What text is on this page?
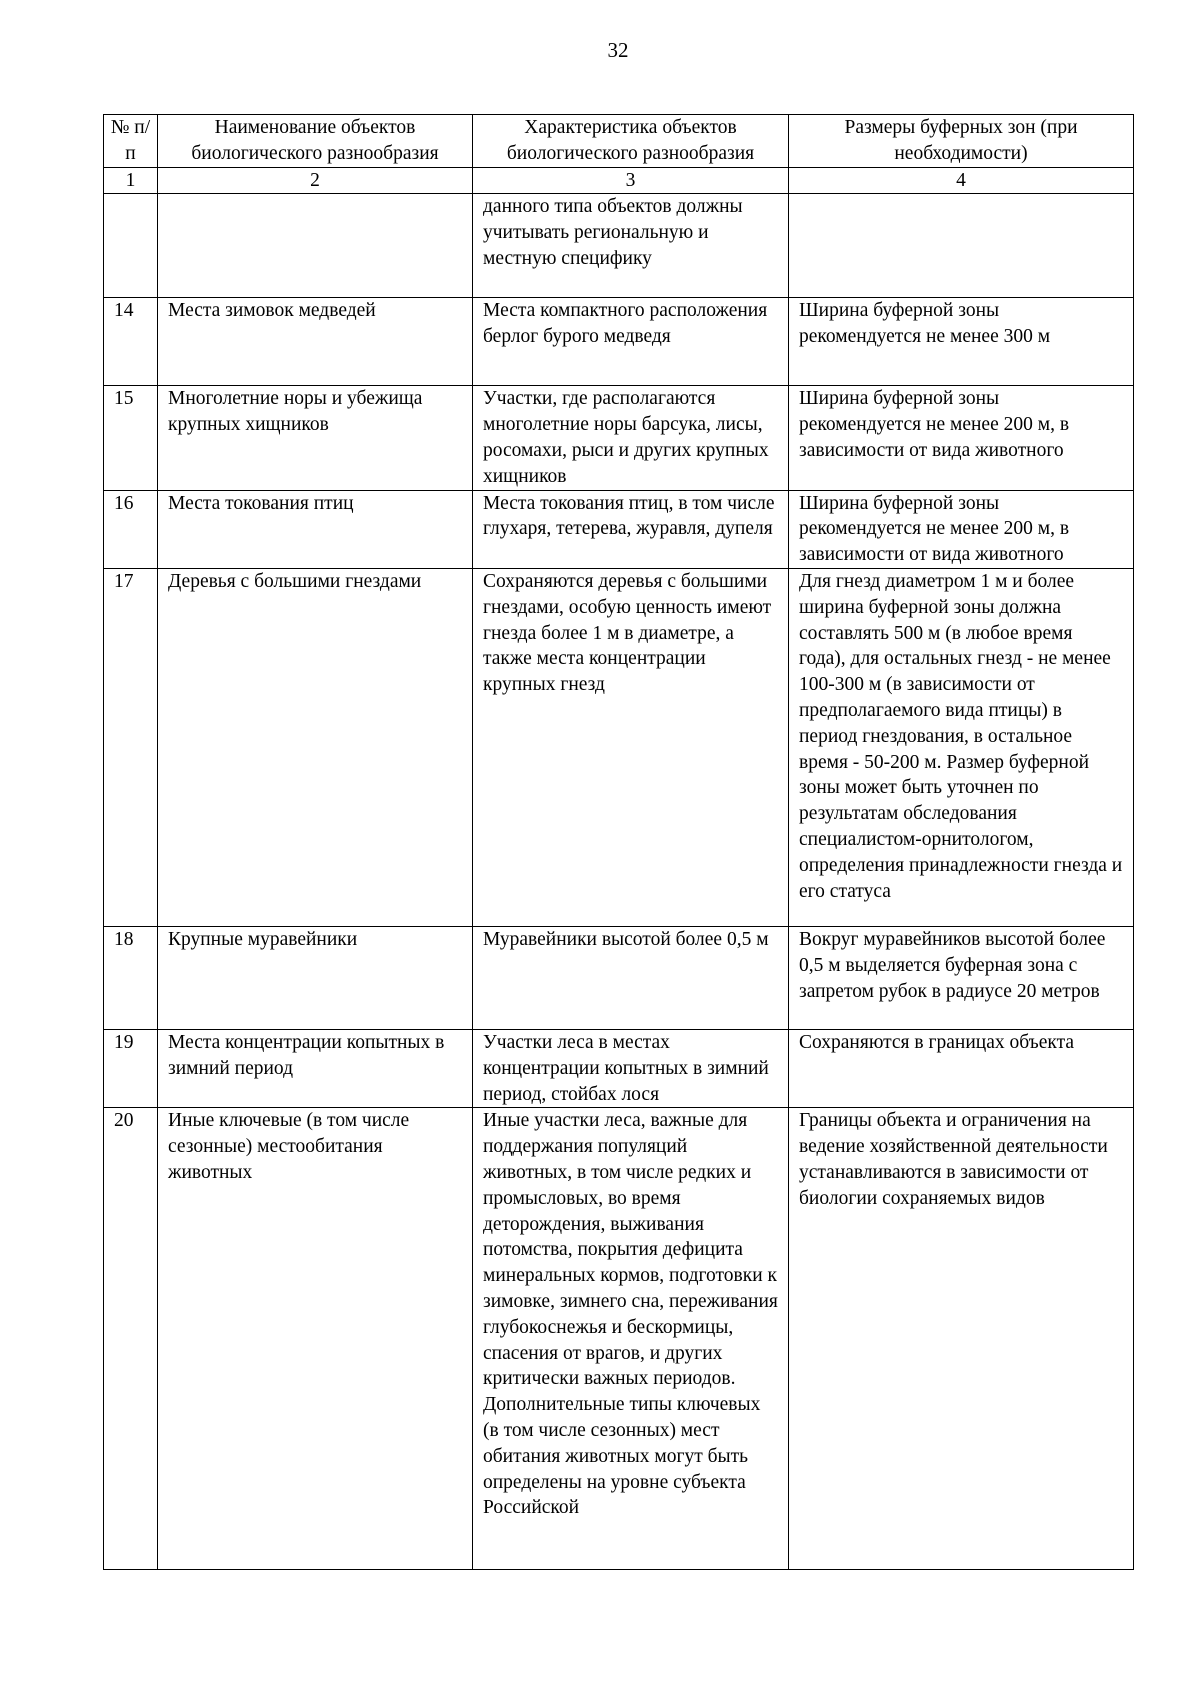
32
№ п/п	Наименование объектов биологического разнообразия	Характеристика объектов биологического разнообразия	Размеры буферных зон (при необходимости)
1	2	3	4
		данного типа объектов должны учитывать региональную и местную специфику	
14	Места зимовок медведей	Места компактного расположения берлог бурого медведя	Ширина буферной зоны рекомендуется не менее 300 м
15	Многолетние норы и убежища крупных хищников	Участки, где располагаются многолетние норы барсука, лисы, росомахи, рыси и других крупных хищников	Ширина буферной зоны рекомендуется не менее 200 м, в зависимости от вида животного
16	Места токования птиц	Места токования птиц, в том числе глухаря, тетерева, журавля, дупеля	Ширина буферной зоны рекомендуется не менее 200 м, в зависимости от вида животного
17	Деревья с большими гнездами	Сохраняются деревья с большими гнездами, особую ценность имеют гнезда более 1 м в диаметре, а также места концентрации крупных гнезд	Для гнезд диаметром 1 м и более ширина буферной зоны должна составлять 500 м (в любое время года), для остальных гнезд - не менее 100-300 м (в зависимости от предполагаемого вида птицы) в период гнездования, в остальное время - 50-200 м. Размер буферной зоны может быть уточнен по результатам обследования специалистом-орнитологом, определения принадлежности гнезда и его статуса
18	Крупные муравейники	Муравейники высотой более 0,5 м	Вокруг муравейников высотой более 0,5 м выделяется буферная зона с запретом рубок в радиусе 20 метров
19	Места концентрации копытных в зимний период	Участки леса в местах концентрации копытных в зимний период, стойбах лося	Сохраняются в границах объекта
20	Иные ключевые (в том числе сезонные) местообитания животных	Иные участки леса, важные для поддержания популяций животных, в том числе редких и промысловых, во время деторождения, выживания потомства, покрытия дефицита минеральных кормов, подготовки к зимовке, зимнего сна, переживания глубокоснежья и бескормицы, спасения от врагов, и других критически важных периодов. Дополнительные типы ключевых (в том числе сезонных) мест обитания животных могут быть определены на уровне субъекта Российской	Границы объекта и ограничения на ведение хозяйственной деятельности устанавливаются в зависимости от биологии сохраняемых видов
